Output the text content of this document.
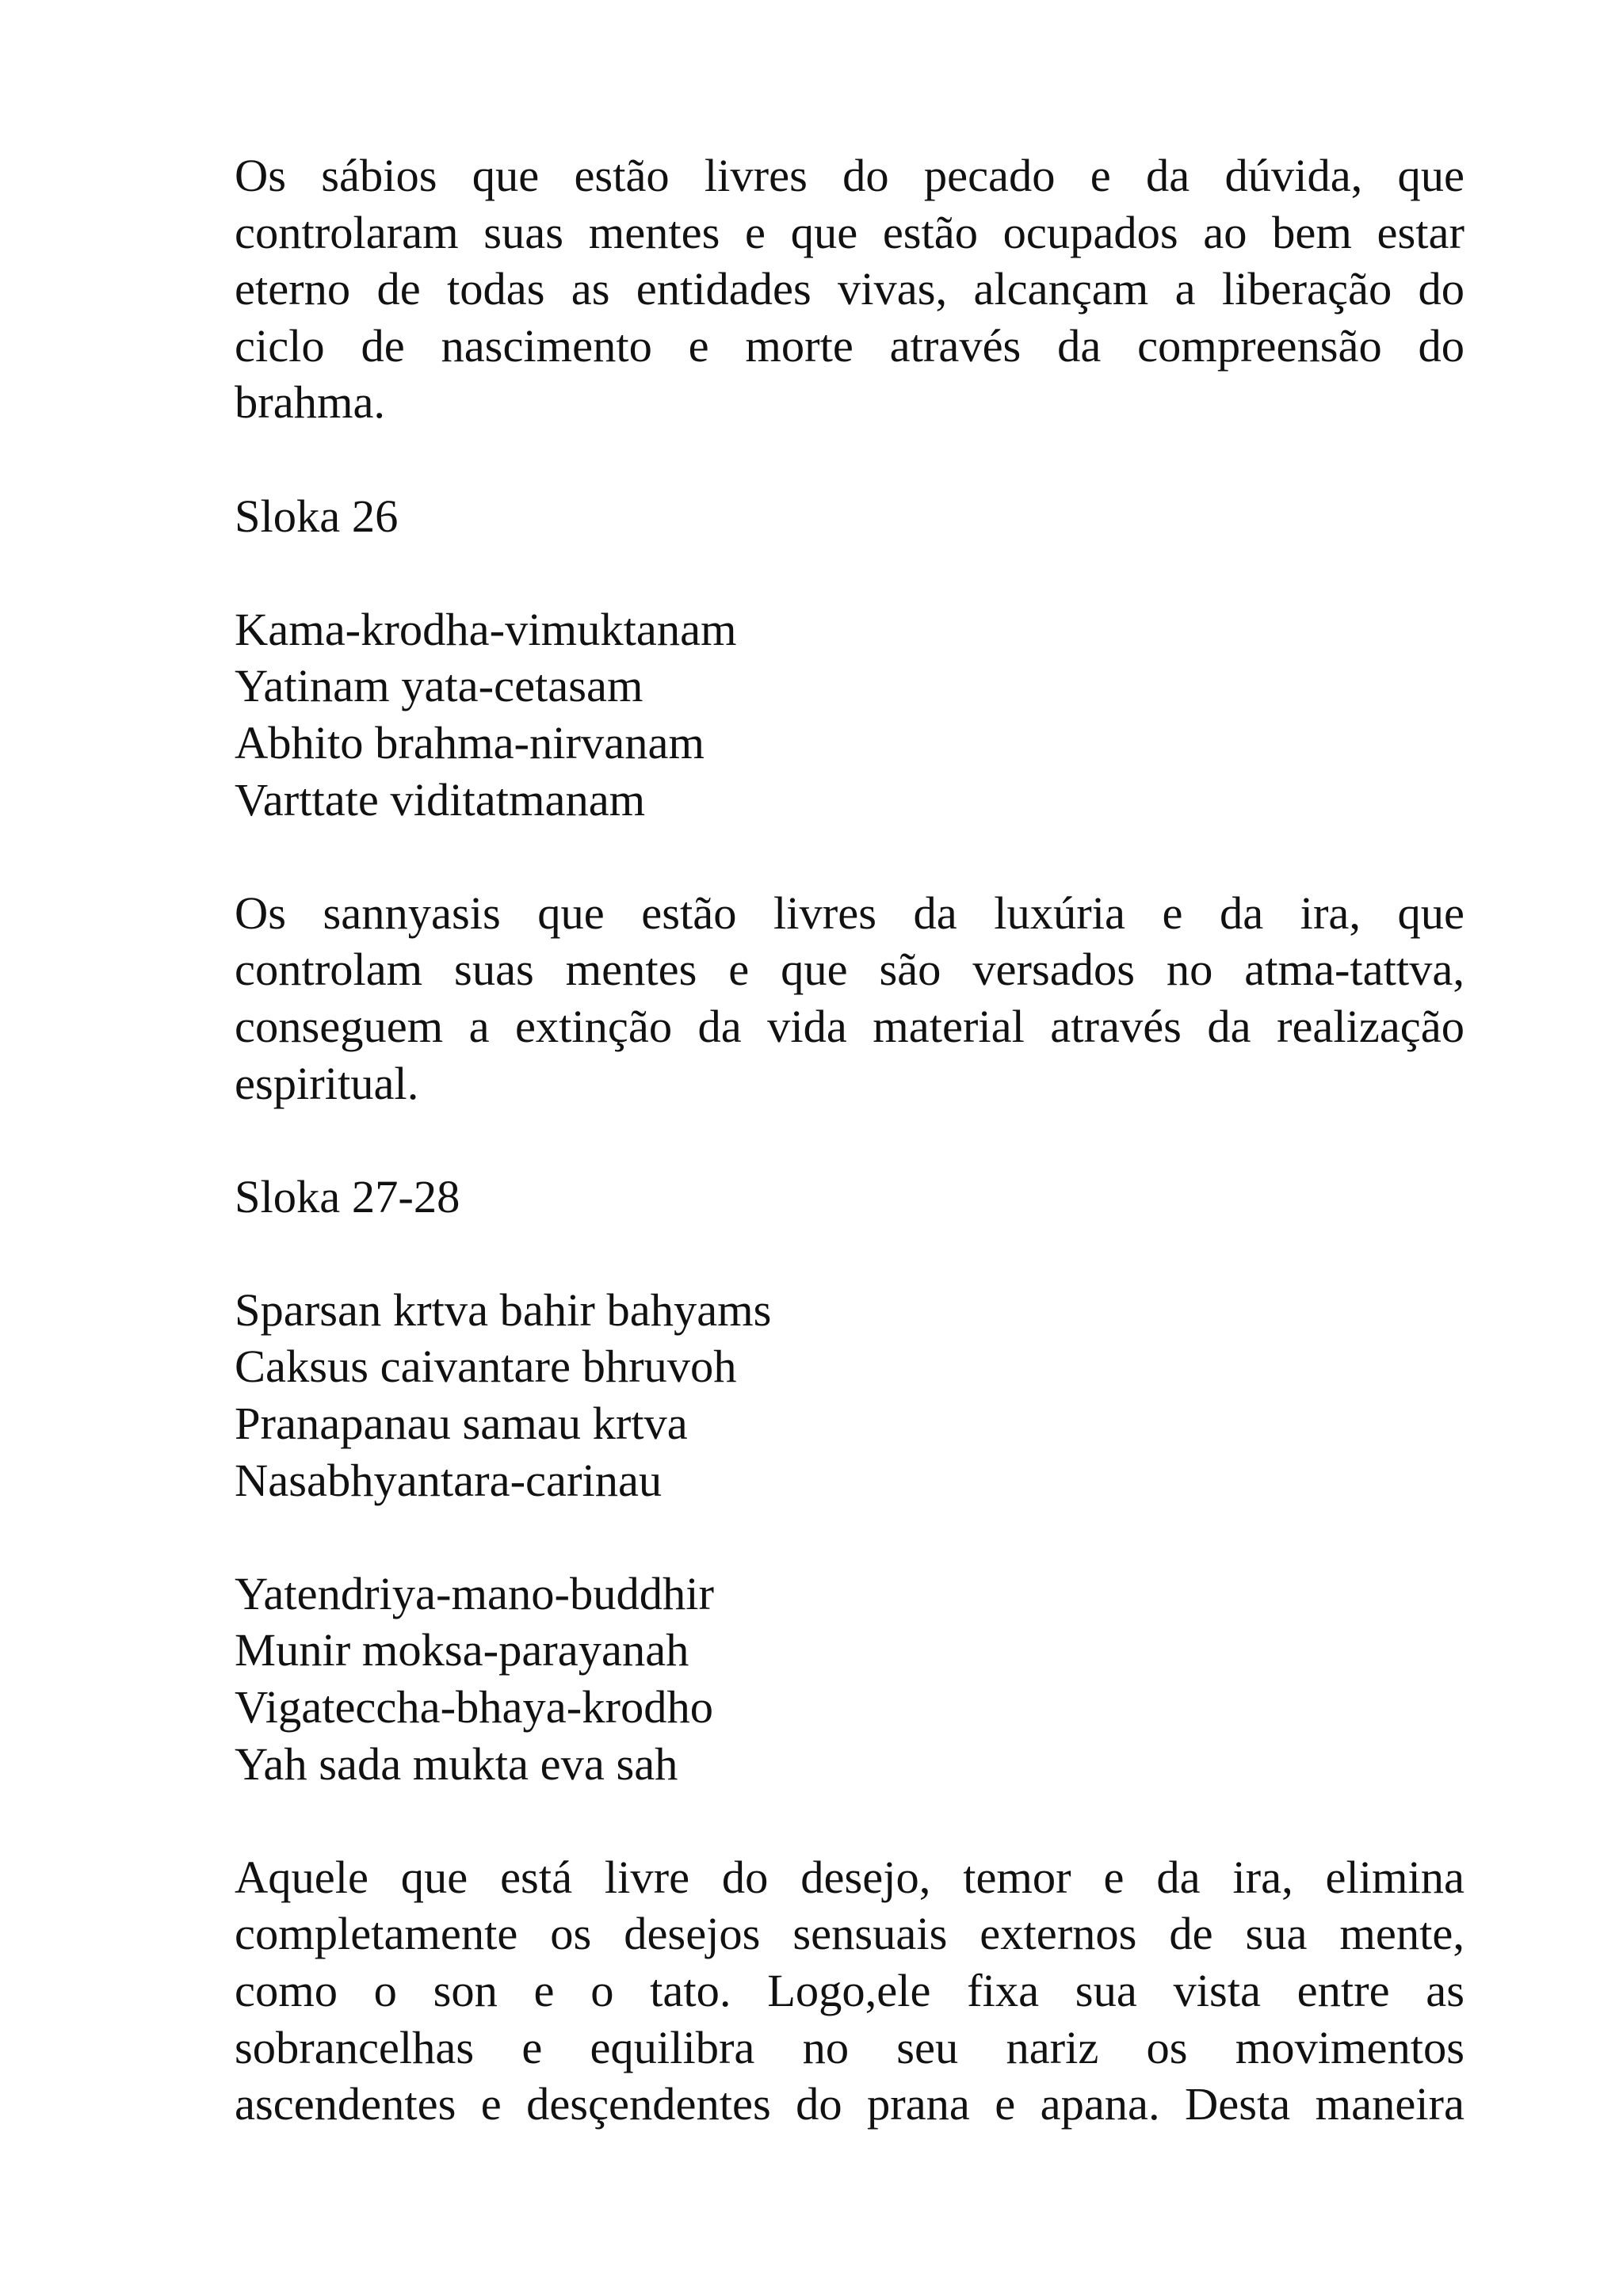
Os sábios que estão livres do pecado e da dúvida, que
controlaram suas mentes e que estão ocupados ao bem estar
eterno de todas as entidades vivas, alcançam a liberação do
ciclo de nascimento e morte através da compreensão do
brahma.
Sloka 26
Kama-krodha-vimuktanam
Yatinam yata-cetasam
Abhito brahma-nirvanam
Varttate viditatmanam
Os sannyasis que estão livres da luxúria e da ira, que
controlam suas mentes e que são versados no atma-tattva,
conseguem a extinção da vida material através da realização
espiritual.
Sloka 27-28
Sparsan krtva bahir bahyams
Caksus caivantare bhruvoh
Pranapanau samau krtva
Nasabhyantara-carinau
Yatendriya-mano-buddhir
Munir moksa-parayanah
Vigateccha-bhaya-krodho
Yah sada mukta eva sah
Aquele que está livre do desejo, temor e da ira, elimina
completamente os desejos sensuais externos de sua mente,
como o son e o tato. Logo,ele fixa sua vista entre as
sobrancelhas e equilibra no seu nariz os movimentos
ascendentes e desçendentes do prana e apana. Desta maneira
